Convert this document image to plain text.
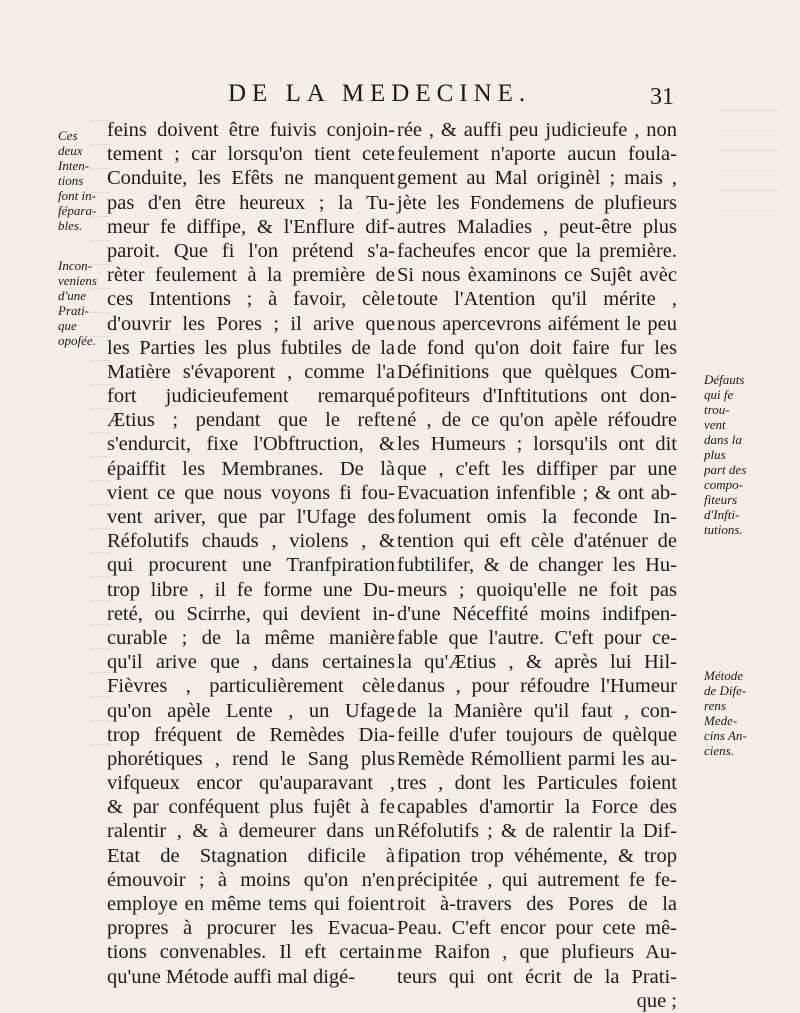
DE LA MEDECINE.	31
feins doivent être fuivis conjoin-
tement ; car lorsqu'on tient cete
Conduite, les Efêts ne manquent
pas d'en être heureux ; la Tu-
meur fe diffipe, & l'Enflure dif-
paroit. Que fi l'on prétend s'a-
rèter feulement à la première de
ces Intentions ; à favoir, cèle
d'ouvrir les Pores ; il arive que
les Parties les plus fubtiles de la
Matière s'évaporent , comme l'a
fort judicieufement remarqué
Ætius ; pendant que le refte
s'endurcit, fixe l'Obftruction, &
épaiffit les Membranes. De là
vient ce que nous voyons fi fou-
vent ariver, que par l'Ufage des
Réfolutifs chauds , violens , &
qui procurent une Tranfpiration
trop libre , il fe forme une Du-
reté, ou Scirrhe, qui devient in-
curable ; de la même manière
qu'il arive que , dans certaines
Fièvres , particulièrement cèle
qu'on apèle Lente , un Ufage
trop fréquent de Remèdes Dia-
phorétiques , rend le Sang plus
vifqueux encor qu'auparavant ,
& par conféquent plus fujêt à fe
ralentir , & à demeurer dans un
Etat de Stagnation dificile à
émouvoir ; à moins qu'on n'en
employe en même tems qui foient
propres à procurer les Evacua-
tions convenables. Il eft certain
qu'une Métode auffi mal digé-
rée , & auffi peu judicieufe , non
feulement n'aporte aucun foula-
gement au Mal originèl ; mais ,
jète les Fondemens de plufieurs
autres Maladies , peut-être plus
facheufes encor que la première.
Si nous èxaminons ce Sujêt avèc
toute l'Atention qu'il mérite ,
nous apercevrons aifément le peu
de fond qu'on doit faire fur les
Définitions que quèlques Com-
pofiteurs d'Inftitutions ont don-
né , de ce qu'on apèle réfoudre
les Humeurs ; lorsqu'ils ont dit
que , c'eft les diffiper par une
Evacuation infenfible ; & ont ab-
folument omis la feconde In-
tention qui eft cèle d'aténuer de
fubtilifer, & de changer les Hu-
meurs ; quoiqu'elle ne foit pas
d'une Néceffité moins indifpen-
fable que l'autre. C'eft pour ce-
la qu'Ætius , & après lui Hil-
danus , pour réfoudre l'Humeur
de la Manière qu'il faut , con-
feille d'ufer toujours de quèlque
Remède Rémollient parmi les au-
tres , dont les Particules foient
capables d'amortir la Force des
Réfolutifs ; & de ralentir la Dif-
fipation trop véhémente, & trop
précipitée , qui autrement fe fe-
roit à-travers des Pores de la
Peau. C'eft encor pour cete mê-
me Raifon , que plufieurs Au-
teurs qui ont écrit de la Prati-
que ;
Ces
deux
Inten-
tions
font in-
fépara-
bles.
Incon-
veniens
d'une
Prati-
que
opofée.
Défauts
qui fe
trou-
vent
dans la
plus
part des
compo-
fiteurs
d'Infti-
tutions.
Métode
de Dife-
rens
Mede-
cins An-
ciens.
